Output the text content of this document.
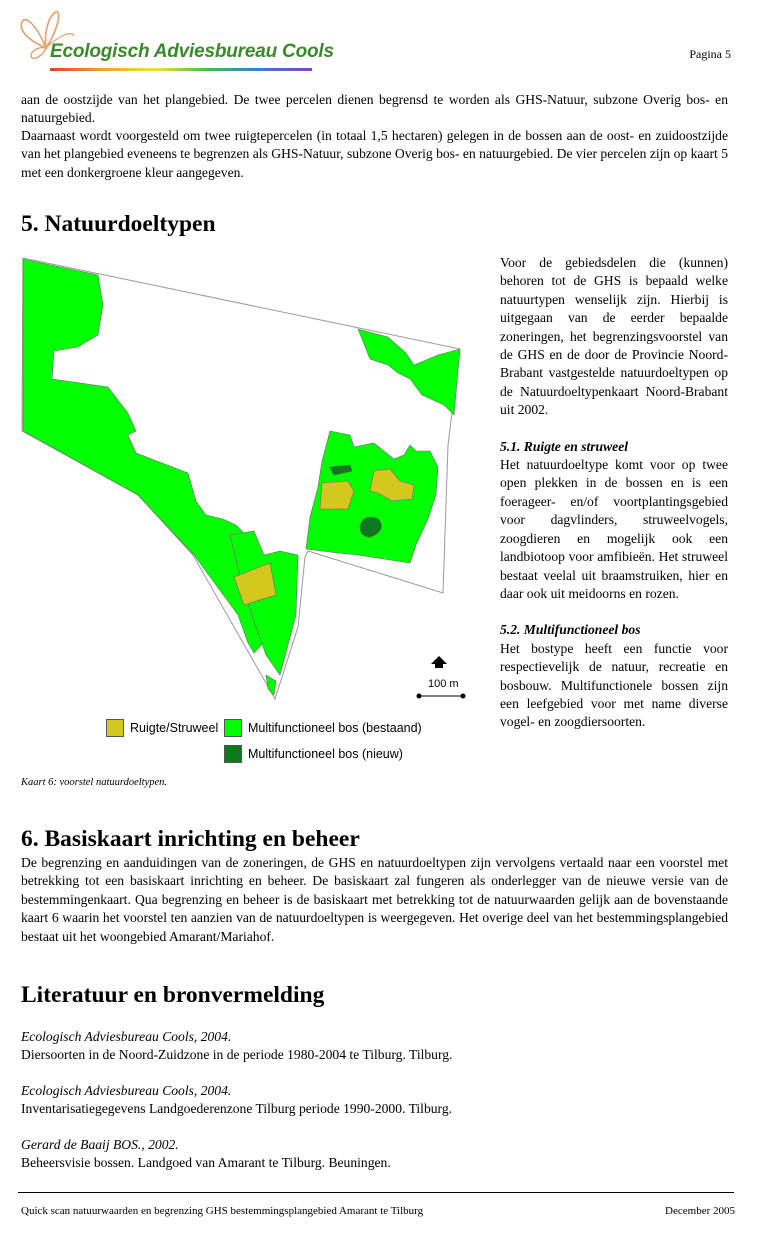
Ecologisch Adviesbureau Cools	Pagina 5

aan de oostzijde van het plangebied. De twee percelen dienen begrensd te worden als GHS-Natuur, subzone Overig bos- en natuurgebied.

Daarnaast wordt voorgesteld om twee ruigtepercelen (in totaal 1,5 hectaren) gelegen in de bossen aan de oost- en zuidoostzijde van het plangebied eveneens te begrenzen als GHS-Natuur, subzone Overig bos- en natuurgebied. De vier percelen zijn op kaart 5 met een donkergroene kleur aangegeven.

5. Natuurdoeltypen
100 m
Ruigte/Struweel Multifunctioneel bos (bestaand)
Multifunctioneel bos (nieuw)
Kaart 6: voorstel natuurdoeltypen.

Voor de gebiedsdelen die (kunnen) behoren tot de GHS is bepaald welke natuurtypen wenselijk zijn. Hierbij is uitgegaan van de eerder bepaalde zoneringen, het begrenzingsvoorstel van de GHS en de door de Provincie Noord-Brabant vastgestelde natuurdoeltypen op de Natuurdoeltypenkaart Noord-Brabant uit 2002.

5.1. Ruigte en struweel

Het natuurdoeltype komt voor op twee open plekken in de bossen en is een foerageer- en/of voortplantingsgebied voor dagvlinders, struweelvogels, zoogdieren en mogelijk ook een landbiotoop voor amfibieën. Het struweel bestaat veelal uit braamstruiken, hier en daar ook uit meidoorns en rozen.

5.2. Multifunctioneel bos

Het bostype heeft een functie voor respectievelijk de natuur, recreatie en bosbouw. Multifunctionele bossen zijn een leefgebied voor met name diverse vogel- en zoogdiersoorten.

6. Basiskaart inrichting en beheer

De begrenzing en aanduidingen van de zoneringen, de GHS en natuurdoeltypen zijn vervolgens vertaald naar een voorstel met betrekking tot een basiskaart inrichting en beheer. De basiskaart zal fungeren als onderlegger van de nieuwe versie van de bestemmingenkaart. Qua begrenzing en beheer is de basiskaart met betrekking tot de natuurwaarden gelijk aan de bovenstaande kaart 6 waarin het voorstel ten aanzien van de natuurdoeltypen is weergegeven. Het overige deel van het bestemmingsplangebied bestaat uit het woongebied Amarant/Mariahof.

Literatuur en bronvermelding

Ecologisch Adviesbureau Cools, 2004.

Diersoorten in de Noord-Zuidzone in de periode 1980-2004 te Tilburg. Tilburg.

Ecologisch Adviesbureau Cools, 2004.

Inventarisatiegegevens Landgoederenzone Tilburg periode 1990-2000. Tilburg.

Gerard de Baaij BOS., 2002.

Beheersvisie bossen. Landgoed van Amarant te Tilburg. Beuningen.

Quick scan natuurwaarden en begrenzing GHS bestemmingsplangebied Amarant te Tilburg	December 2005
